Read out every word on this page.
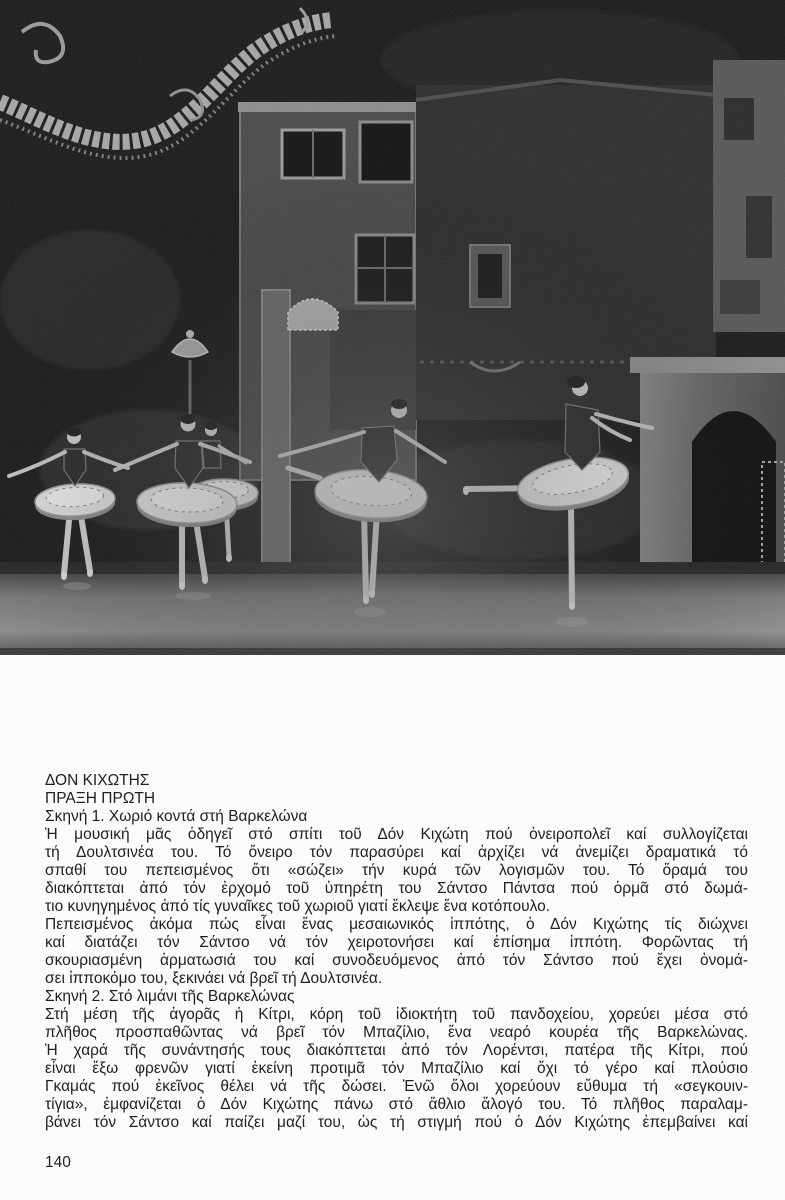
ΔΟΝ ΚΙΧΩΤΗΣ
ΠΡΑΞΗ ΠΡΩΤΗ
Σκηνή 1. Χωριό κοντά στή Βαρκελώνα
Ἡ μουσική μᾶς ὁδηγεῖ στό σπίτι τοῦ Δόν Κιχώτη πού ὀνειροπολεῖ καί συλλογίζεται
τή Δουλτσινέα του. Τό ὄνειρο τόν παρασύρει καί ἀρχίζει νά ἀνεμίζει δραματικά τό
σπαθί του πεπεισμένος ὅτι «σώζει» τήν κυρά τῶν λογισμῶν του. Τό ὅραμά του
διακόπτεται ἀπό τόν ἐρχομό τοῦ ὑπηρέτη του Σάντσο Πάντσα πού ὁρμᾶ στό δωμά-
τιο κυνηγημένος ἀπό τίς γυναῖκες τοῦ χωριοῦ γιατί ἔκλεψε ἕνα κοτόπουλο.
Πεπεισμένος ἀκόμα πώς εἶναι ἕνας μεσαιωνικός ἱππότης, ὁ Δόν Κιχώτης τίς διώχνει
καί διατάζει τόν Σάντσο νά τόν χειροτονήσει καί ἐπίσημα ἱππότη. Φορῶντας τή
σκουριασμένη ἁρματωσιά του καί συνοδευόμενος ἀπό τόν Σάντσο πού ἔχει ὀνομά-
σει ἱπποκόμο του, ξεκινάει νά βρεῖ τή Δουλτσινέα.
Σκηνή 2. Στό λιμάνι τῆς Βαρκελώνας
Στή μέση τῆς ἀγορᾶς ἡ Κίτρι, κόρη τοῦ ἰδιοκτήτη τοῦ πανδοχείου, χορεύει μέσα στό
πλῆθος προσπαθῶντας νά βρεῖ τόν Μπαζίλιο, ἕνα νεαρό κουρέα τῆς Βαρκελώνας.
Ἡ χαρά τῆς συνάντησής τους διακόπτεται ἀπό τόν Λορέντσι, πατέρα τῆς Κίτρι, πού
εἶναι ἔξω φρενῶν γιατί ἐκείνη προτιμᾶ τόν Μπαζίλιο καί ὄχι τό γέρο καί πλούσιο
Γκαμάς πού ἐκεῖνος θέλει νά τῆς δώσει. Ἐνῶ ὅλοι χορεύουν εὔθυμα τή «σεγκουιν-
τίγια», ἐμφανίζεται ὁ Δόν Κιχώτης πάνω στό ἄθλιο ἄλογό του. Τό πλῆθος παραλαμ-
βάνει τόν Σάντσο καί παίζει μαζί του, ὡς τή στιγμή πού ὁ Δόν Κιχώτης ἐπεμβαίνει καί
140
